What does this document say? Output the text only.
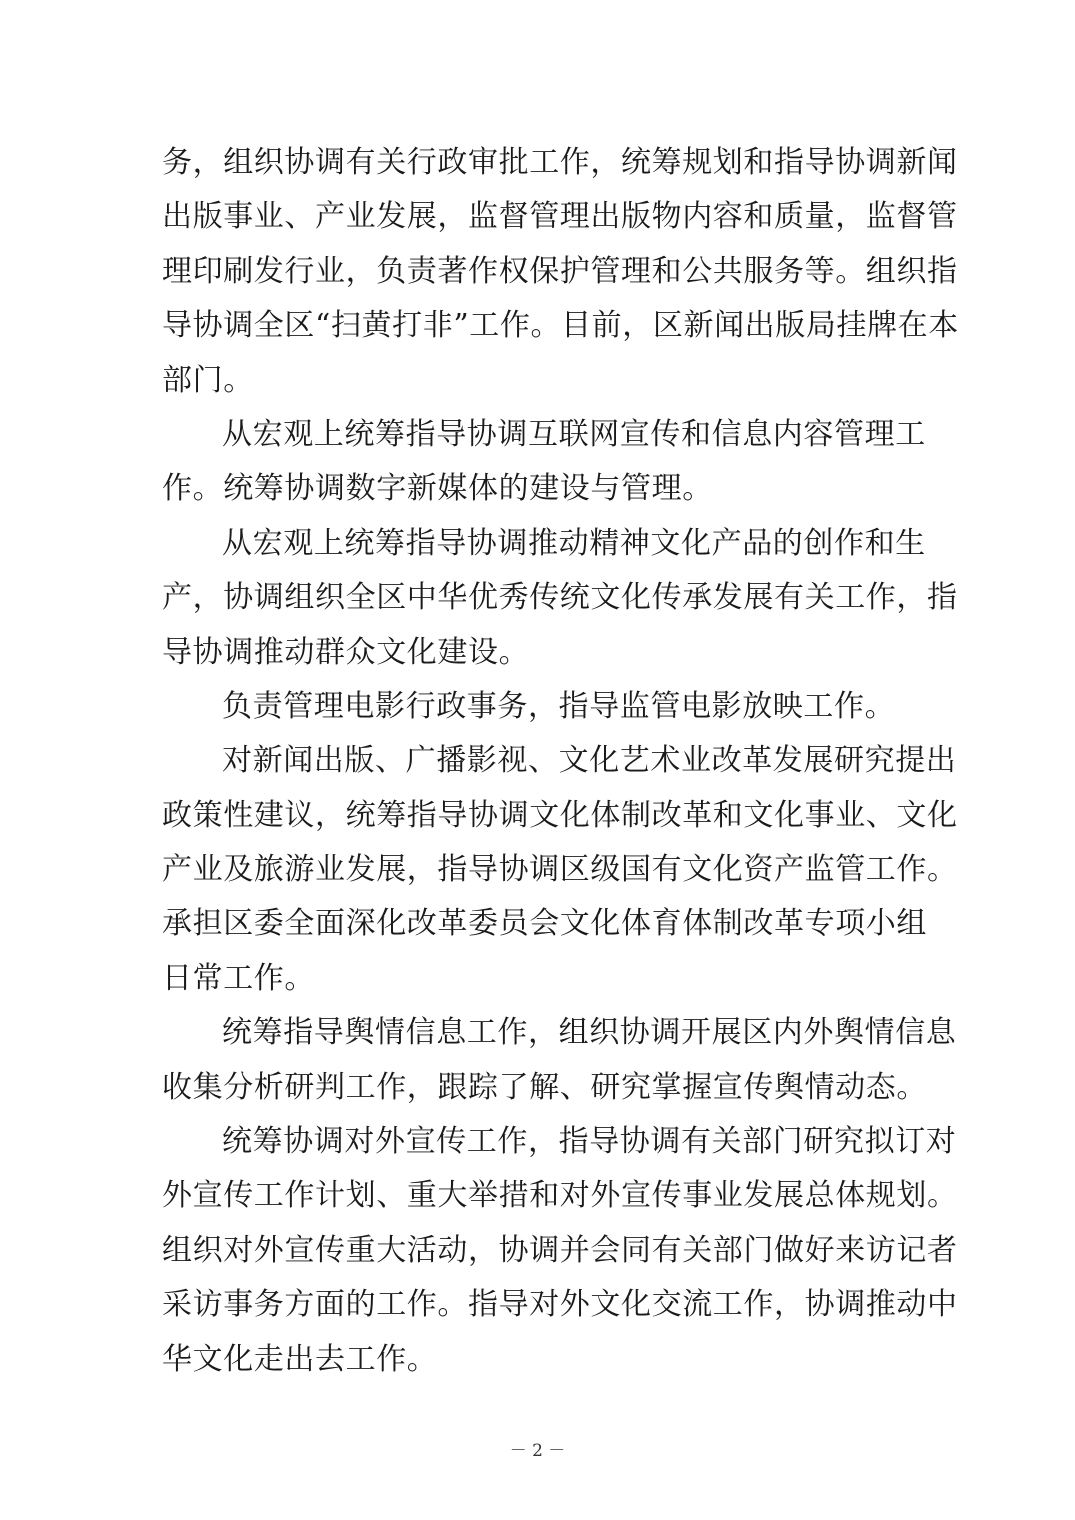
务，组织协调有关行政审批工作，统筹规划和指导协调新闻
出版事业、产业发展，监督管理出版物内容和质量，监督管
理印刷发行业，负责著作权保护管理和公共服务等。组织指
导协调全区“扫黄打非”工作。目前，区新闻出版局挂牌在本
部门。
从宏观上统筹指导协调互联网宣传和信息内容管理工
作。统筹协调数字新媒体的建设与管理。
从宏观上统筹指导协调推动精神文化产品的创作和生
产，协调组织全区中华优秀传统文化传承发展有关工作，指
导协调推动群众文化建设。
负责管理电影行政事务，指导监管电影放映工作。
对新闻出版、广播影视、文化艺术业改革发展研究提出
政策性建议，统筹指导协调文化体制改革和文化事业、文化
产业及旅游业发展，指导协调区级国有文化资产监管工作。
承担区委全面深化改革委员会文化体育体制改革专项小组
日常工作。
统筹指导舆情信息工作，组织协调开展区内外舆情信息
收集分析研判工作，跟踪了解、研究掌握宣传舆情动态。
统筹协调对外宣传工作，指导协调有关部门研究拟订对
外宣传工作计划、重大举措和对外宣传事业发展总体规划。
组织对外宣传重大活动，协调并会同有关部门做好来访记者
采访事务方面的工作。指导对外文化交流工作，协调推动中
华文化走出去工作。
－ 2 －
